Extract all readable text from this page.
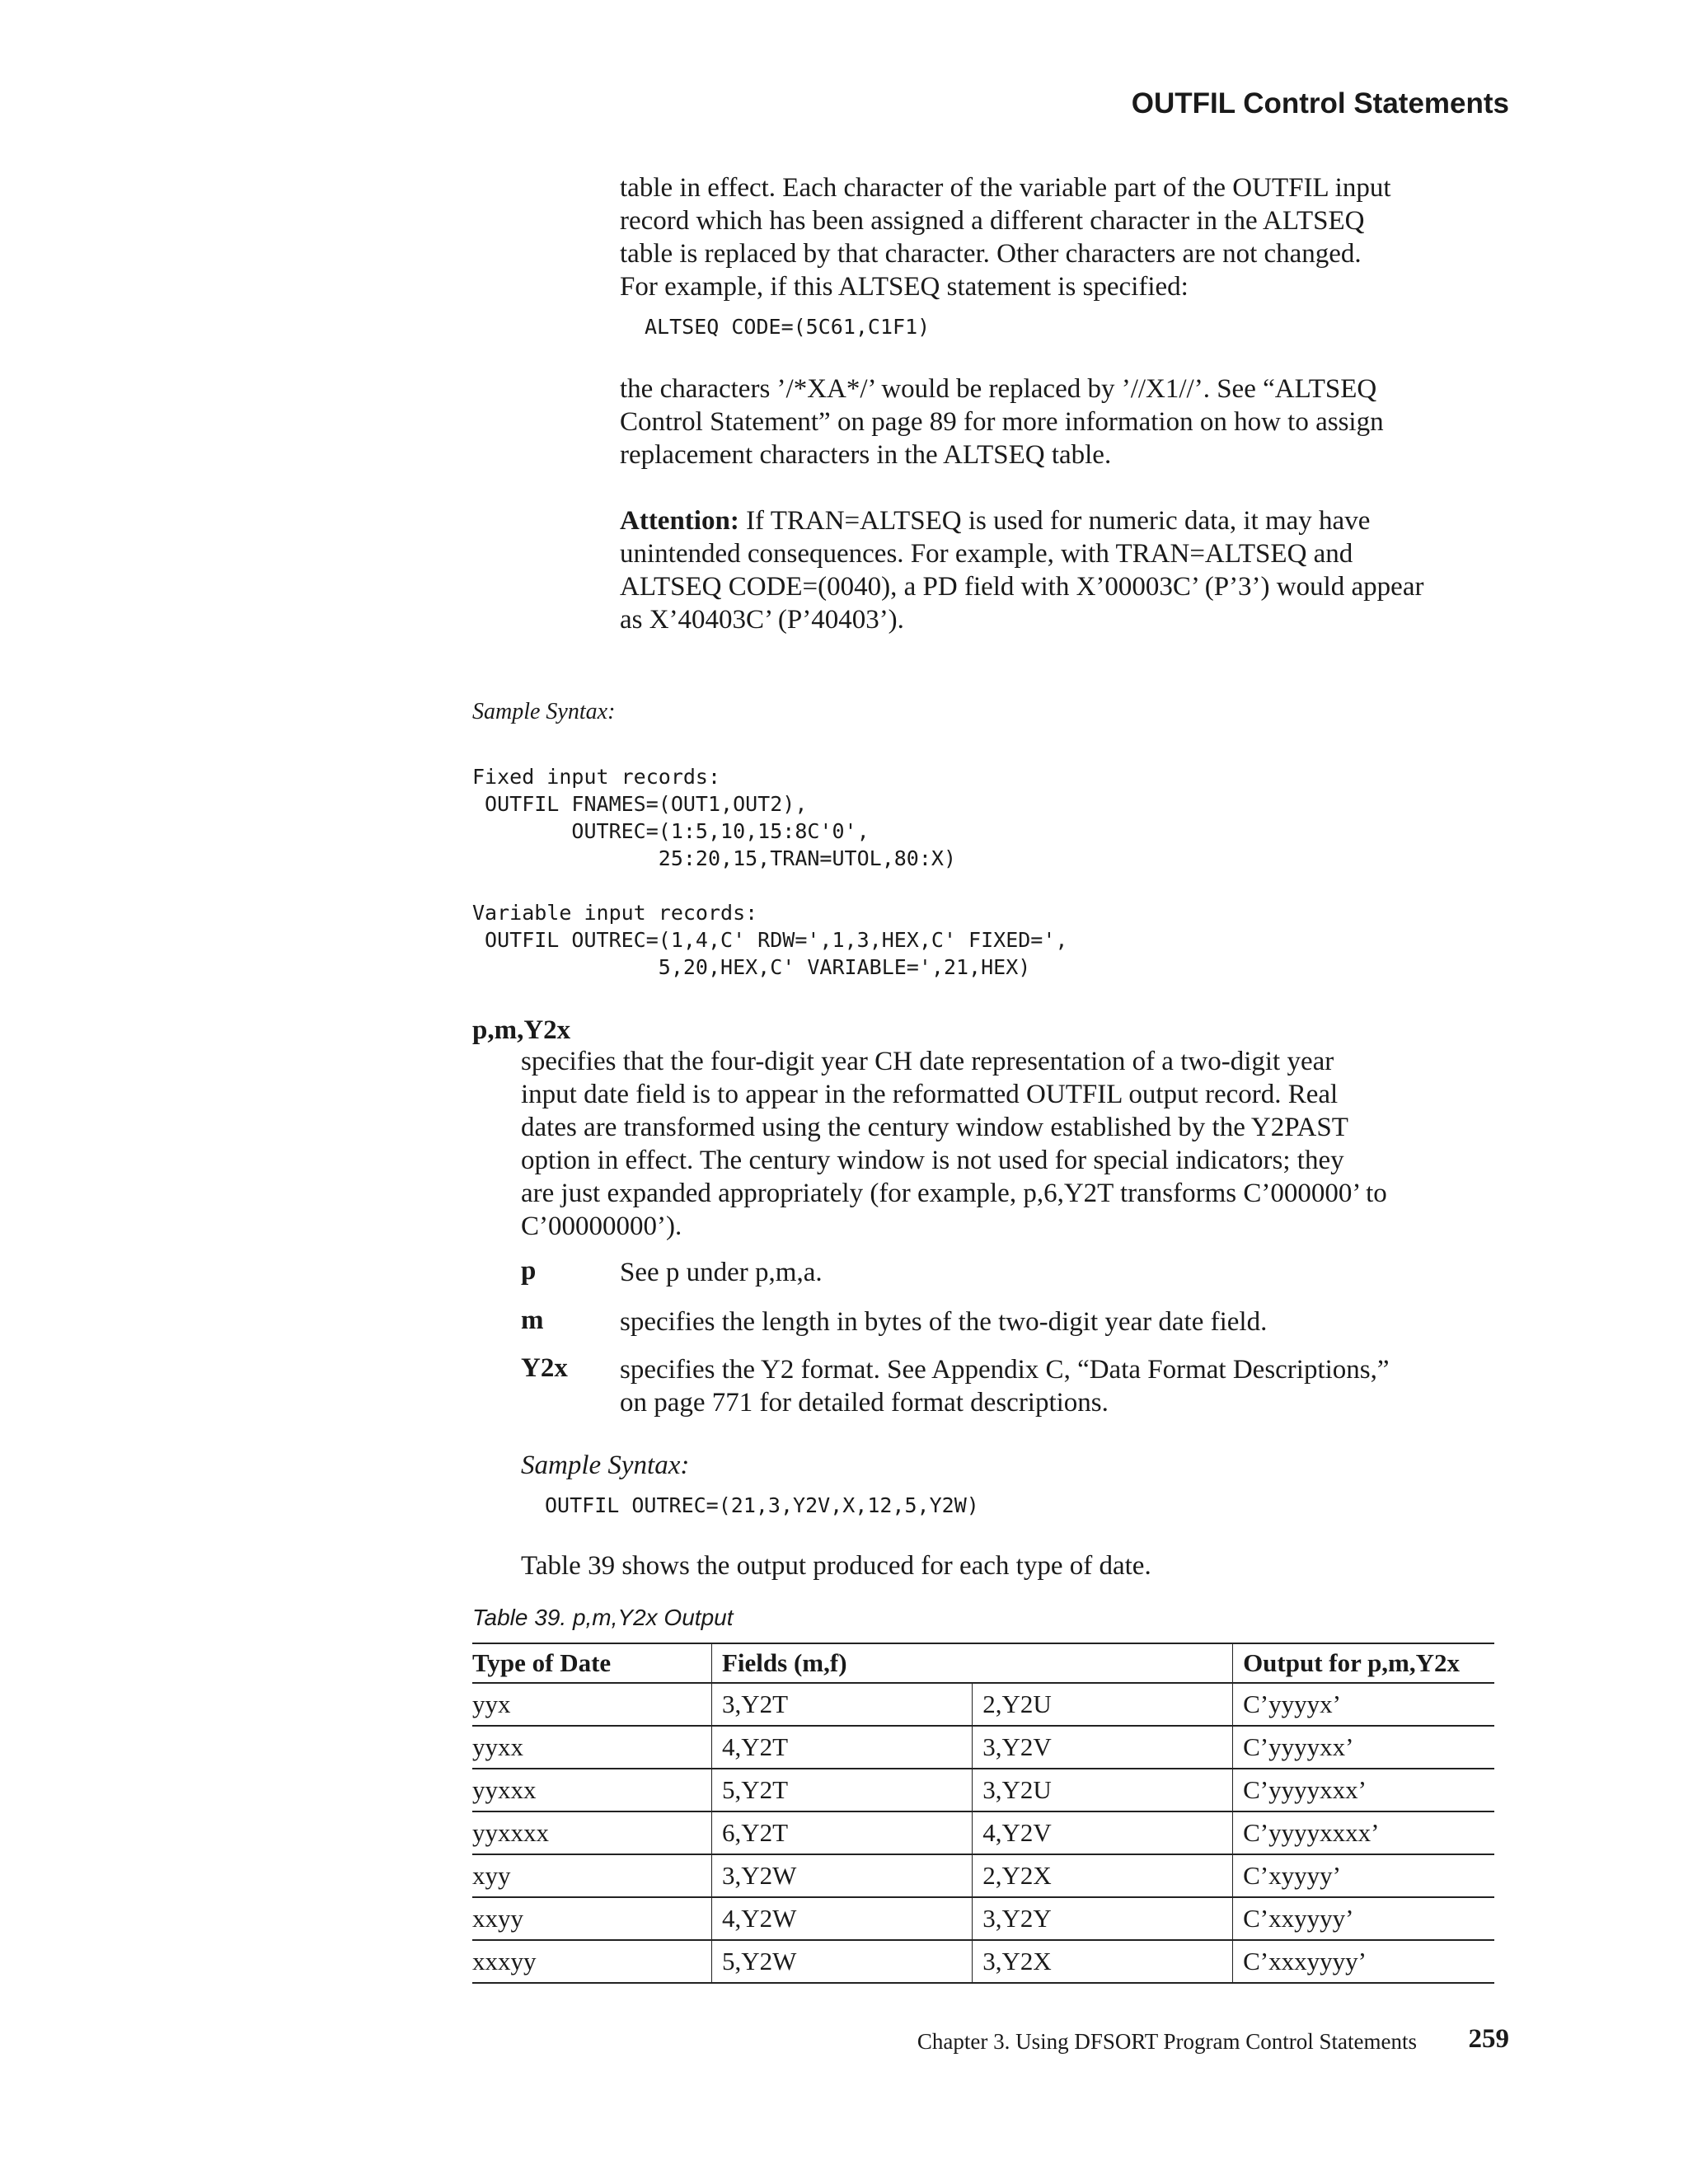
OUTFIL Control Statements
table in effect. Each character of the variable part of the OUTFIL input
record which has been assigned a different character in the ALTSEQ
table is replaced by that character. Other characters are not changed.
For example, if this ALTSEQ statement is specified:
ALTSEQ CODE=(5C61,C1F1)
the characters ’/*XA*/’ would be replaced by ’//X1//’. See “ALTSEQ
Control Statement” on page 89 for more information on how to assign
replacement characters in the ALTSEQ table.
Attention: If TRAN=ALTSEQ is used for numeric data, it may have
unintended consequences. For example, with TRAN=ALTSEQ and
ALTSEQ CODE=(0040), a PD field with X’00003C’ (P’3’) would appear
as X’40403C’ (P’40403’).
Sample Syntax:
Fixed input records:
OUTFIL FNAMES=(OUT1,OUT2),
OUTREC=(1:5,10,15:8C'0',
25:20,15,TRAN=UTOL,80:X)

Variable input records:
OUTFIL OUTREC=(1,4,C' RDW=',1,3,HEX,C' FIXED=',
5,20,HEX,C' VARIABLE=',21,HEX)
p,m,Y2x
specifies that the four-digit year CH date representation of a two-digit year
input date field is to appear in the reformatted OUTFIL output record. Real
dates are transformed using the century window established by the Y2PAST
option in effect. The century window is not used for special indicators; they
are just expanded appropriately (for example, p,6,Y2T transforms C’000000’ to
C’00000000’).
p	See p under p,m,a.
m	specifies the length in bytes of the two-digit year date field.
Y2x specifies the Y2 format. See Appendix C, “Data Format Descriptions,”
on page 771 for detailed format descriptions.
Sample Syntax:
OUTFIL OUTREC=(21,3,Y2V,X,12,5,Y2W)
Table 39 shows the output produced for each type of date.
Table 39. p,m,Y2x Output
Type of Date	Fields (m,f)		Output for p,m,Y2x
yyx	3,Y2T	2,Y2U	C’yyyyx’
yyxx	4,Y2T	3,Y2V	C’yyyyxx’
yyxxx	5,Y2T	3,Y2U	C’yyyyxxx’
yyxxxx	6,Y2T	4,Y2V	C’yyyyxxxx’
xyy	3,Y2W	2,Y2X	C’xyyyy’
xxyy	4,Y2W	3,Y2Y	C’xxyyyy’
xxxyy	5,Y2W	3,Y2X	C’xxxyyyy’
Chapter 3. Using DFSORT Program Control Statements 259
